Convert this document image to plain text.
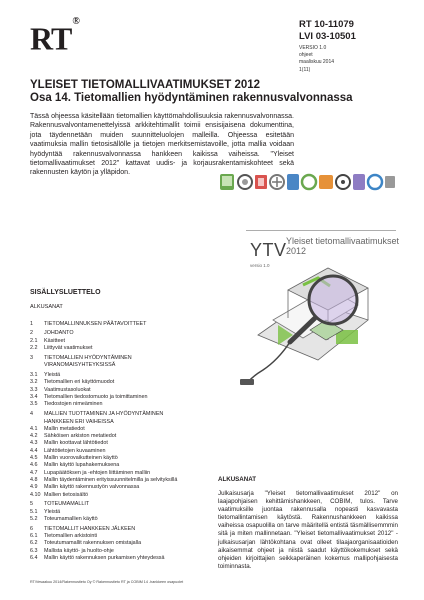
RT®	RT 10-11079
LVI 03-10501
VERSIO 1.0
ohjeet
maaliskuu 2014
1(11)
YLEISET TIETOMALLIVAATIMUKSET 2012
Osa 14. Tietomallien hyödyntäminen rakennusvalvonnassa

Tässä ohjeessa käsitellään tietomallien käyttömahdollisuuksia rakennusvalvonnassa. Rakennusvalvontamenettelyissä arkkitehtimallit toimii ensisijaisena dokumenttina, jota täydennetään muiden suunnitteluolojen malleilla. Ohjeessa esitetään vaatimuksia mallin tietosisällölle ja tietojen merkitsemistavoille, jotta mallia voidaan hyödyntää rakennusvalvonnassa hankkeen kaikissa vaiheissa. "Yleiset tietomallivaatimukset 2012" kattavat uudis- ja korjausrakentamiskohteet sekä rakennusten käytön ja ylläpidon.

YTV Yleiset tietomallivaatimukset
2012
versio 1.0
SISÄLLYSLUETTELO
ALKUSANAT
1	TIETOMALLINNUKSEN PÄÄTAVOITTEET
2	JOHDANTO
2.1	Käsitteet
2.2	Liittyvät vaatimukset
3	TIETOMALLIEN HYÖDYNTÄMINEN
VIRANOMAISYHTEYKSISSÄ
3.1	Yleistä
3.2	Tietomallien eri käyttömuodot
3.3	Vaatimustasoluokat
3.4	Tietomallien tiedostomuoto ja toimittaminen
3.5	Tiedostojen nimeäminen
4	MALLIEN TUOTTAMINEN JA HYÖDYNTÄMINEN
HANKKEEN ERI VAIHEISSA
4.1	Mallin metatiedot
4.2	Sähköisen arkiston metatiedot
4.3	Mallin koottavat lähtötiedot
4.4	Lähtötietojen kuvaaminen
4.5	Mallin vuorovaikutteinen käyttö
4.6	Mallin käyttö lupahakemuksena
4.7	Lupapäätöksen ja -ehtojen liittäminen malliin
4.8	Mallin täydentäminen erityissuunnitelmilla ja selvityksillä
4.9	Mallin käyttö rakennustyön valvonnassa
4.10 Mallien tietosisältö
5	TOTEUMAMALLIT
5.1	Yleistä
5.2	Toteumamallien käyttö
6	TIETOMALLIT HANKKEEN JÄLKEEN
6.1	Tietomallien arkistointi
6.2	Toteutumamallit rakennuksen omistajalla
6.3	Mallista käyttö- ja huolto-ohje
6.4	Mallin käyttö rakennuksen purkamisen yhteydessä
ALKUSANAT
Julkaisusarja "Yleiset tietomallivaatimukset 2012" on laajapohjaisen kehittämishankkeen, COBIM, tulos. Tarve vaatimuksille juontaa rakennusalla nopeasti kasvavasta tietomallintamisen käytöstä. Rakennushankkeen kaikissa vaiheissa osapuolilla on tarve määritellä entistä täsmällisemmmin sitä ja miten mallinnetaan. "Yleiset tietomallivaatimukset 2012" -julkaisusarjan lähtökohtana ovat olleet tilaajaorganisaatioiden aikaisemmat ohjeet ja niistä saadut käyttökokemukset sekä ohjeiden kirjoittajien seikkaperäinen kokemus mallipohjaisesta toiminnasta.
RT/Vesaakuu 2014/Rakennustieto Oy © Rakennustieto RT ja COBIM 14 -hankkeen osapuolet
